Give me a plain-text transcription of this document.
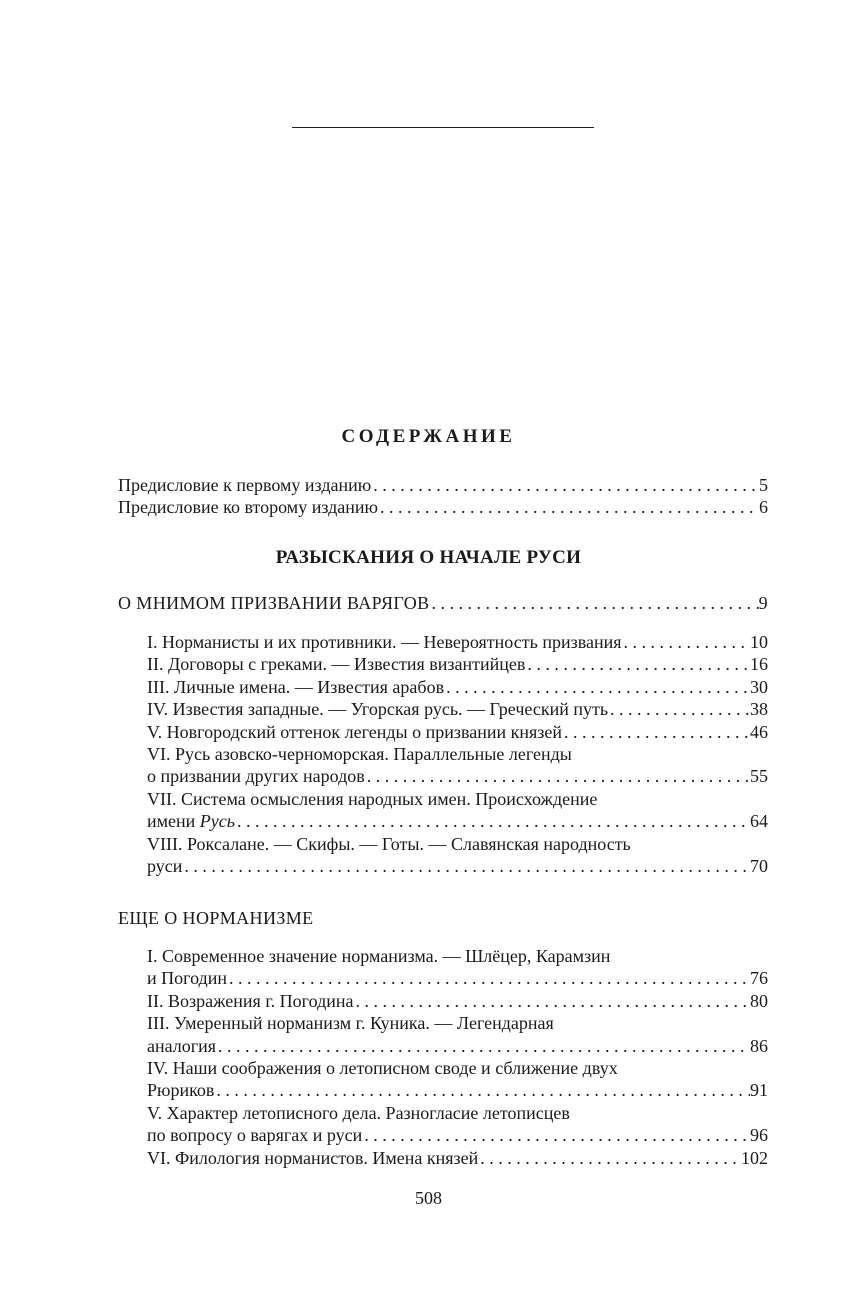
СОДЕРЖАНИЕ
Предисловие к первому изданию . . .	5
Предисловие ко второму изданию . . .	6
РАЗЫСКАНИЯ О НАЧАЛЕ РУСИ
О МНИМОМ ПРИЗВАНИИ ВАРЯГОВ . . .	9
I. Норманисты и их противники. — Невероятность призвания . . .	10
II. Договоры с греками. — Известия византийцев . . .	16
III. Личные имена. — Известия арабов . . .	30
IV. Известия западные. — Угорская русь. — Греческий путь . . .	38
V. Новгородский оттенок легенды о призвании князей . . .	46
VI. Русь азовско-черноморская. Параллельные легенды
о призвании других народов . . .	55
VII. Система осмысления народных имен. Происхождение
имени Русь . . .	64
VIII. Роксалане. — Скифы. — Готы. — Славянская народность
руси . . .	70
ЕЩЕ О НОРМАНИЗМЕ
I. Современное значение норманизма. — Шлёцер, Карамзин
и Погодин . . .	76
II. Возражения г. Погодина . . .	80
III. Умеренный норманизм г. Куника. — Легендарная
аналогия . . .	86
IV. Наши соображения о летописном своде и сближение двух
Рюриков . . .	91
V. Характер летописного дела. Разногласие летописцев
по вопросу о варягах и руси . . .	96
VI. Филология норманистов. Имена князей . . .	102
508
